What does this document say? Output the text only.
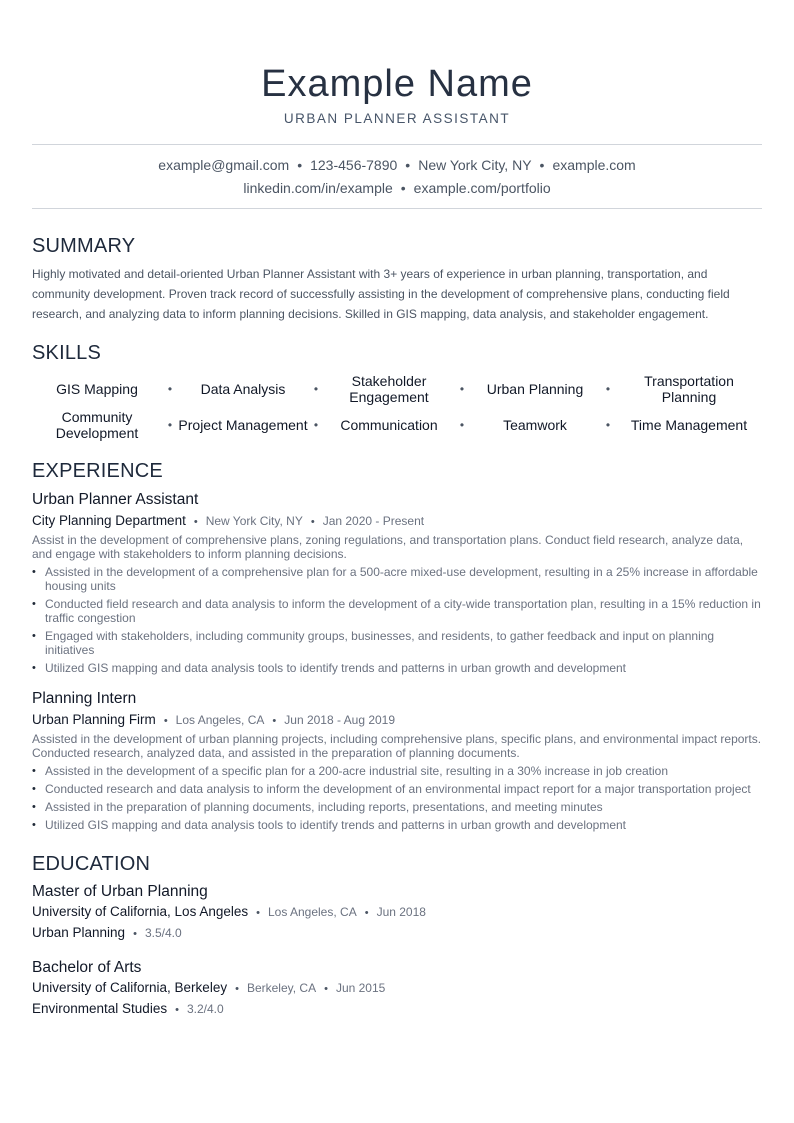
Example Name
URBAN PLANNER ASSISTANT
example@gmail.com • 123-456-7890 • New York City, NY • example.com
linkedin.com/in/example • example.com/portfolio
SUMMARY
Highly motivated and detail-oriented Urban Planner Assistant with 3+ years of experience in urban planning, transportation, and community development. Proven track record of successfully assisting in the development of comprehensive plans, conducting field research, and analyzing data to inform planning decisions. Skilled in GIS mapping, data analysis, and stakeholder engagement.
SKILLS
GIS Mapping	•	Data Analysis	•	Stakeholder Engagement	•	Urban Planning	•	Transportation Planning
Community Development	• Project Management •	Communication	•	Teamwork	•	Time Management
EXPERIENCE
Urban Planner Assistant
City Planning Department • New York City, NY • Jan 2020 - Present
Assist in the development of comprehensive plans, zoning regulations, and transportation plans. Conduct field research, analyze data, and engage with stakeholders to inform planning decisions.
• Assisted in the development of a comprehensive plan for a 500-acre mixed-use development, resulting in a 25% increase in affordable housing units
• Conducted field research and data analysis to inform the development of a city-wide transportation plan, resulting in a 15% reduction in traffic congestion
• Engaged with stakeholders, including community groups, businesses, and residents, to gather feedback and input on planning initiatives
• Utilized GIS mapping and data analysis tools to identify trends and patterns in urban growth and development
Planning Intern
Urban Planning Firm • Los Angeles, CA • Jun 2018 - Aug 2019
Assisted in the development of urban planning projects, including comprehensive plans, specific plans, and environmental impact reports. Conducted research, analyzed data, and assisted in the preparation of planning documents.
• Assisted in the development of a specific plan for a 200-acre industrial site, resulting in a 30% increase in job creation
• Conducted research and data analysis to inform the development of an environmental impact report for a major transportation project
• Assisted in the preparation of planning documents, including reports, presentations, and meeting minutes
• Utilized GIS mapping and data analysis tools to identify trends and patterns in urban growth and development
EDUCATION
Master of Urban Planning
University of California, Los Angeles • Los Angeles, CA • Jun 2018
Urban Planning • 3.5/4.0
Bachelor of Arts
University of California, Berkeley • Berkeley, CA • Jun 2015
Environmental Studies • 3.2/4.0
